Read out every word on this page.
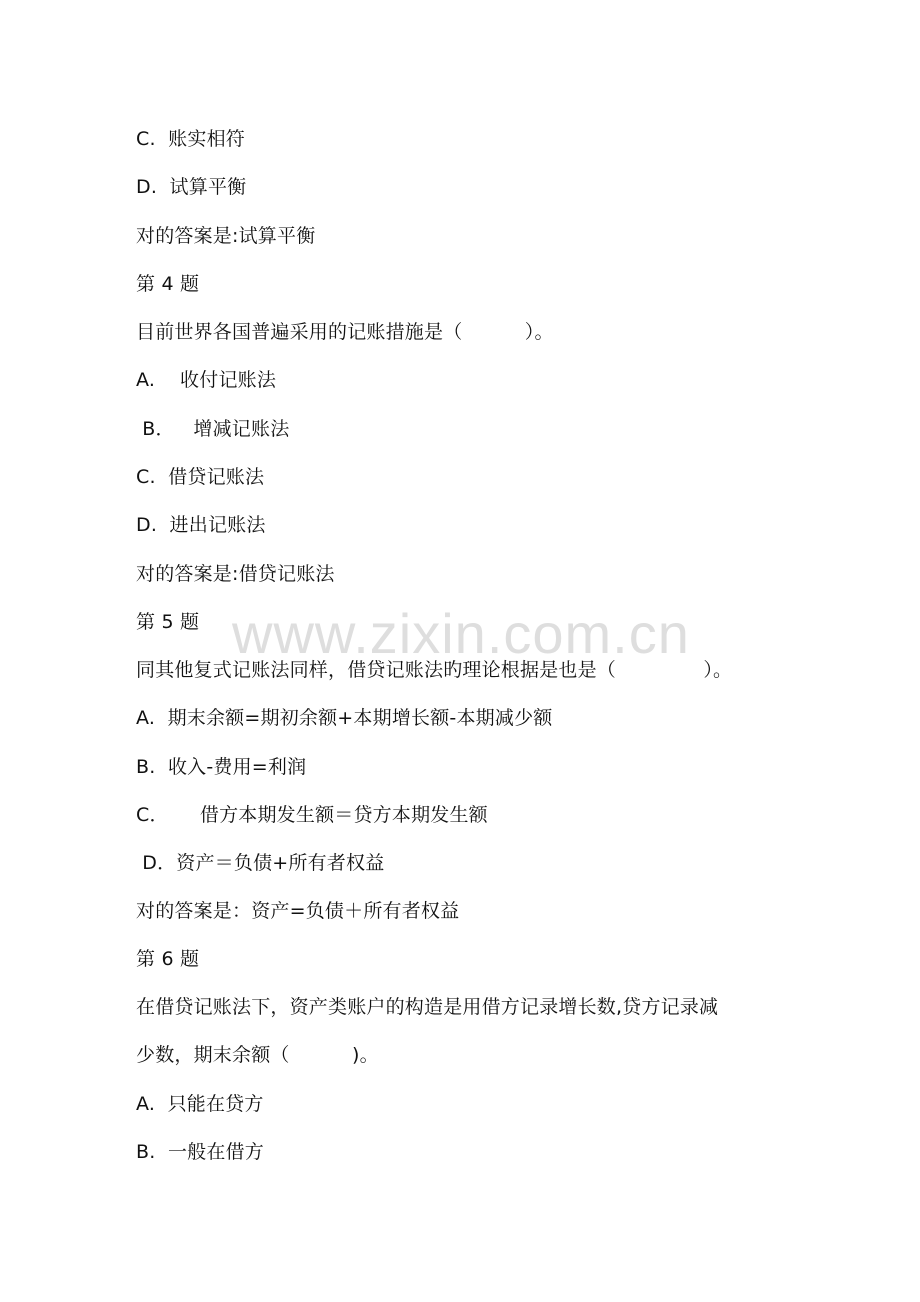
www.zixin.com.cn
C.  账实相符
D.  试算平衡
对的答案是:试算平衡
第 4 题
目前世界各国普遍采用的记账措施是（          ）。
A.    收付记账法
B．   增减记账法
C.  借贷记账法
D.  进出记账法
对的答案是:借贷记账法
第 5 题
同其他复式记账法同样，借贷记账法旳理论根据是也是（              ）。
A.  期末余额=期初余额+本期增长额-本期减少额
B.  收入-费用=利润
C．     借方本期发生额＝贷方本期发生额
D．资产＝负债+所有者权益
对的答案是：资产=负债＋所有者权益
第 6 题
在借贷记账法下，资产类账户的构造是用借方记录增长数,贷方记录减
少数，期末余额（          )。
A.  只能在贷方
B.  一般在借方
